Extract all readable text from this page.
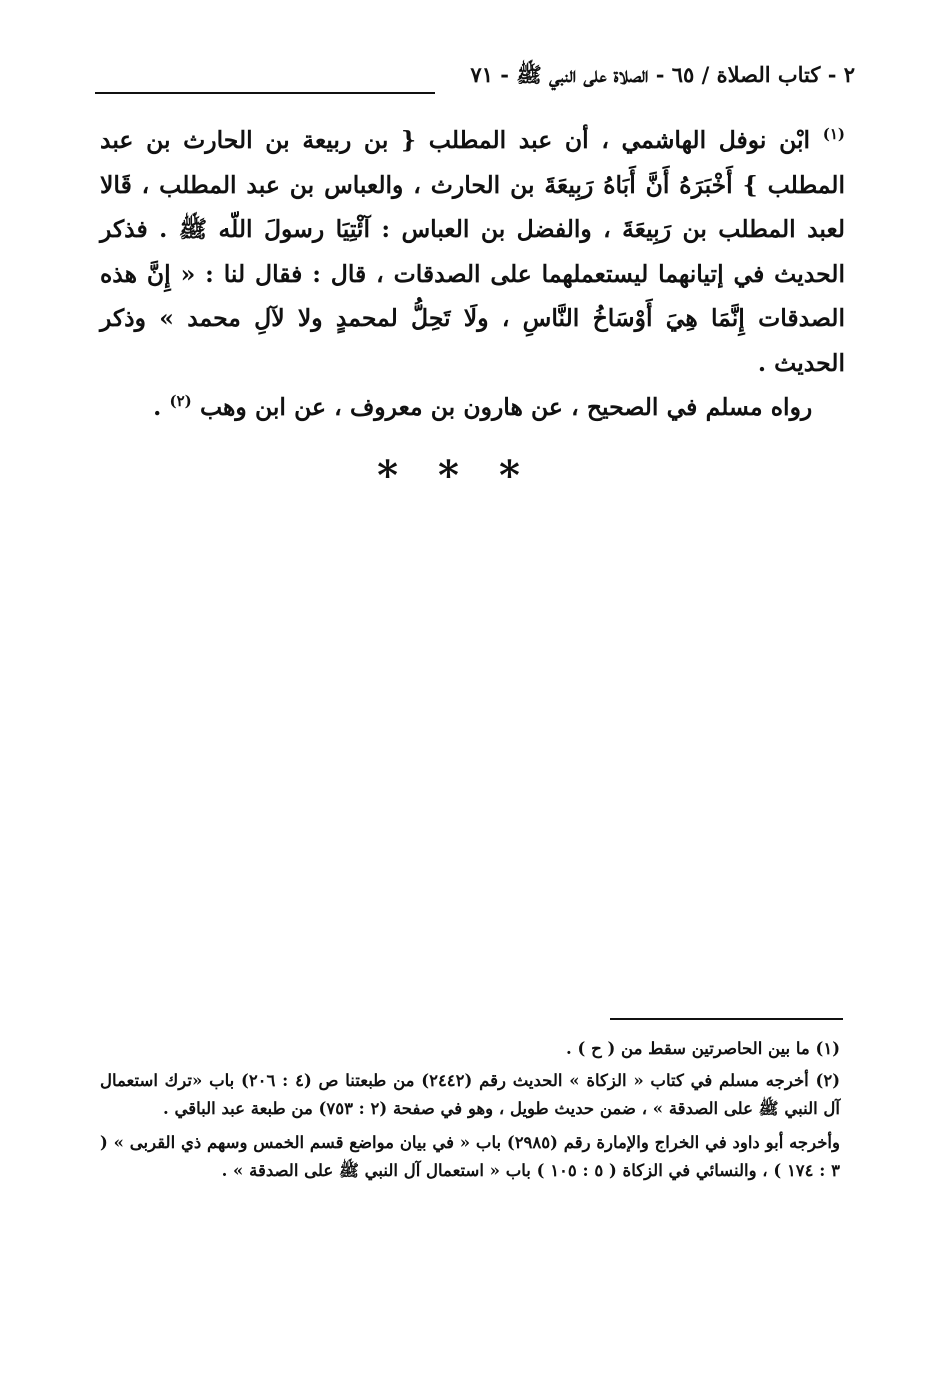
٢ - كتاب الصلاة / ٦٥ - الصلاة على النبي ﷺ - ٧١

$^{(١)}$ ابْن نوفل الهاشمي ، أن عبد المطلب { بن ربيعة بن الحارث بن عبد المطلب } أَخْبَرَهُ أَنَّ أَبَاهُ رَبِيعَةَ بن الحارث ، والعباس بن عبد المطلب ، قَالا لعبد المطلب بن رَبِيعَةَ ، والفضل بن العباس : آئْتِيَا رسولَ اللّه ﷺ . فذكر الحديث في إتيانهما ليستعملهما على الصدقات ، قال : فقال لنا : « إِنَّ هذه الصدقات إِنَّمَا هِيَ أَوْسَاخُ النَّاسِ ، ولَا تَحِلُّ لمحمدٍ ولا لآلِ محمد » وذكر الحديث .

رواه مسلم في الصحيح ، عن هارون بن معروف ، عن ابن وهب $^{(٢)}$ .

***

(١) ما بين الحاصرتين سقط من ( ح ) .

(٢) أخرجه مسلم في كتاب « الزكاة » الحديث رقم (٢٤٤٢) من طبعتنا ص (٤ : ٢٠٦) باب «ترك استعمال آل النبي ﷺ على الصدقة » ، ضمن حديث طويل ، وهو في صفحة (٢ : ٧٥٣) من طبعة عبد الباقي .

وأخرجه أبو داود في الخراج والإمارة رقم (٢٩٨٥) باب « في بيان مواضع قسم الخمس وسهم ذي القربى » ( ٣ : ١٧٤ ) ، والنسائي في الزكاة ( ٥ : ١٠٥ ) باب « استعمال آل النبي ﷺ على الصدقة » .
